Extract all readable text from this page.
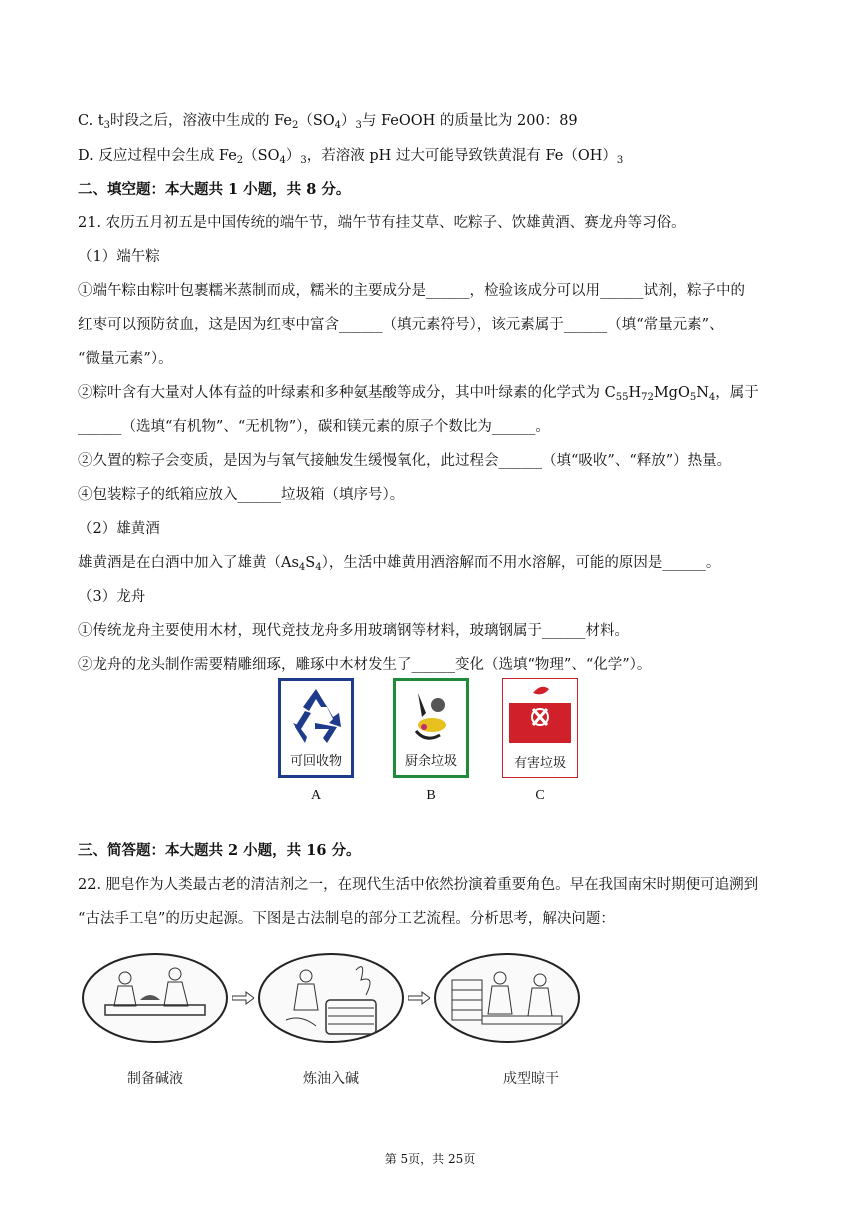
C. $t_3$时段之后，溶液中生成的 $Fe_2(SO_4)_3$与 FeOOH 的质量比为 200：89
D. 反应过程中会生成 $Fe_2(SO_4)_3$，若溶液 pH 过大可能导致铁黄混有 $Fe(OH)_3$
二、填空题：本大题共 1 小题，共 8 分。
21. 农历五月初五是中国传统的端午节，端午节有挂艾草、吃粽子、饮雄黄酒、赛龙舟等习俗。
（1）端午粽
①端午粽由粽叶包裹糯米蒸制而成，糯米的主要成分是______，检验该成分可以用______试剂，粽子中的
红枣可以预防贫血，这是因为红枣中富含______（填元素符号），该元素属于______（填“常量元素”、
“微量元素”）。
②粽叶含有大量对人体有益的叶绿素和多种氨基酸等成分，其中叶绿素的化学式为 $C_{55}H_{72}MgO_5N_4$，属于
______（选填“有机物”、“无机物”），碳和镁元素的原子个数比为______。
②久置的粽子会变质，是因为与氧气接触发生缓慢氧化，此过程会______（填“吸收”、“释放”）热量。
④包装粽子的纸箱应放入______垃圾箱（填序号）。
（2）雄黄酒
雄黄酒是在白酒中加入了雄黄$(As_4S_4)$，生活中雄黄用酒溶解而不用水溶解，可能的原因是______。
（3）龙舟
①传统龙舟主要使用木材，现代竞技龙舟多用玻璃钢等材料，玻璃钢属于______材料。
②龙舟的龙头制作需要精雕细琢，雕琢中木材发生了______变化（选填“物理”、“化学”）。
可回收物	厨余垃圾	有害垃圾
A	B	C
三、简答题：本大题共 2 小题，共 16 分。
22. 肥皂作为人类最古老的清洁剂之一，在现代生活中依然扮演着重要角色。早在我国南宋时期便可追溯到
“古法手工皂”的历史起源。下图是古法制皂的部分工艺流程。分析思考，解决问题：
制备碱液	炼油入碱	成型晾干
第 5页，共 25页
